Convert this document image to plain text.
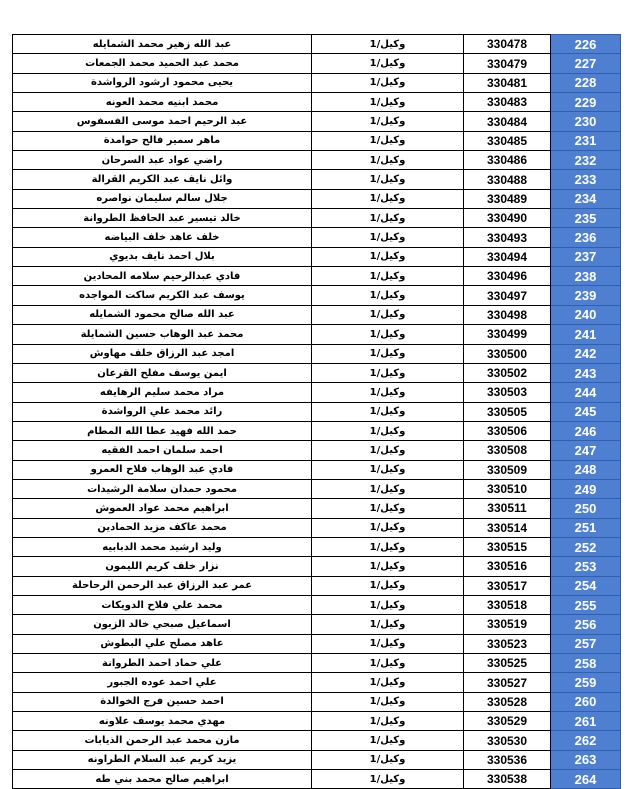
عبد الله زهير محمد الشمايله	وكيل/1	330478	226
محمد عبد الحميد محمد الجمعات	وكيل/1	330479	227
يحيى محمود ارشود الرواشدة	وكيل/1	330481	228
محمد ابنيه محمد العونه	وكيل/1	330483	229
عبد الرحيم احمد موسى الفسفوس	وكيل/1	330484	230
ماهر سمير فالح حوامدة	وكيل/1	330485	231
راضي عواد عبد السرحان	وكيل/1	330486	232
وائل نايف عبد الكريم القرالة	وكيل/1	330488	233
جلال سالم سليمان نواصره	وكيل/1	330489	234
خالد تيسير عبد الحافظ الطروانة	وكيل/1	330490	235
خلف عاهد خلف البياضه	وكيل/1	330493	236
بلال احمد نايف بديوي	وكيل/1	330494	237
فادي عبدالرحيم سلامه المحادين	وكيل/1	330496	238
يوسف عبد الكريم ساكت المواجده	وكيل/1	330497	239
عبد الله صالح محمود الشمايله	وكيل/1	330498	240
محمد عبد الوهاب حسين الشمايلة	وكيل/1	330499	241
امجد عبد الرزاق خلف مهاوش	وكيل/1	330500	242
ايمن يوسف مفلح القرعان	وكيل/1	330502	243
مراد محمد سليم الرهايفه	وكيل/1	330503	244
رائد محمد علي الرواشدة	وكيل/1	330505	245
حمد الله فهيد عطا الله المطام	وكيل/1	330506	246
احمد سلمان احمد الفقيه	وكيل/1	330508	247
فادي عبد الوهاب فلاح العمرو	وكيل/1	330509	248
محمود حمدان سلامة الرشيدات	وكيل/1	330510	249
ابراهيم محمد عواد العموش	وكيل/1	330511	250
محمد عاكف مزيد الحمادين	وكيل/1	330514	251
وليد ارشيد محمد الدبابيه	وكيل/1	330515	252
نزار خلف كريم الليمون	وكيل/1	330516	253
عمر عبد الرزاق عبد الرحمن الرحاحلة	وكيل/1	330517	254
محمد علي فلاح الدويكات	وكيل/1	330518	255
اسماعيل صبحي خالد الزبون	وكيل/1	330519	256
عاهد مصلح علي البطوش	وكيل/1	330523	257
علي حماد احمد الطروانة	وكيل/1	330525	258
علي احمد عوده الجبور	وكيل/1	330527	259
احمد حسين فرج الخوالدة	وكيل/1	330528	260
مهدي محمد يوسف علاونه	وكيل/1	330529	261
مازن محمد عبد الرحمن الذيابات	وكيل/1	330530	262
يزيد كريم عبد السلام الطراونه	وكيل/1	330536	263
ابراهيم صالح محمد بني طه	وكيل/1	330538	264
